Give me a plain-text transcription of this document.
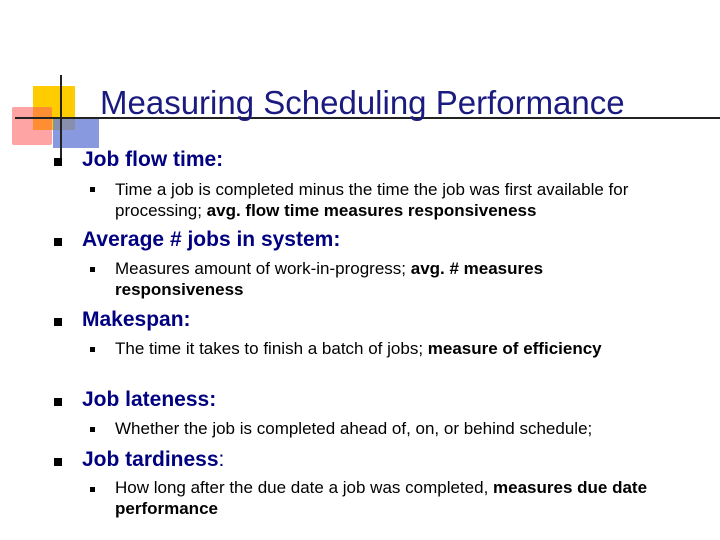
Measuring Scheduling Performance
Job flow time:
Time a job is completed minus the time the job was first available for processing; avg. flow time measures responsiveness
Average # jobs in system:
Measures amount of work-in-progress; avg. # measures responsiveness
Makespan:
The time it takes to finish a batch of jobs; measure of efficiency
Job lateness:
Whether the job is completed ahead of, on, or behind schedule;
Job tardiness:
How long after the due date a job was completed, measures due date performance
